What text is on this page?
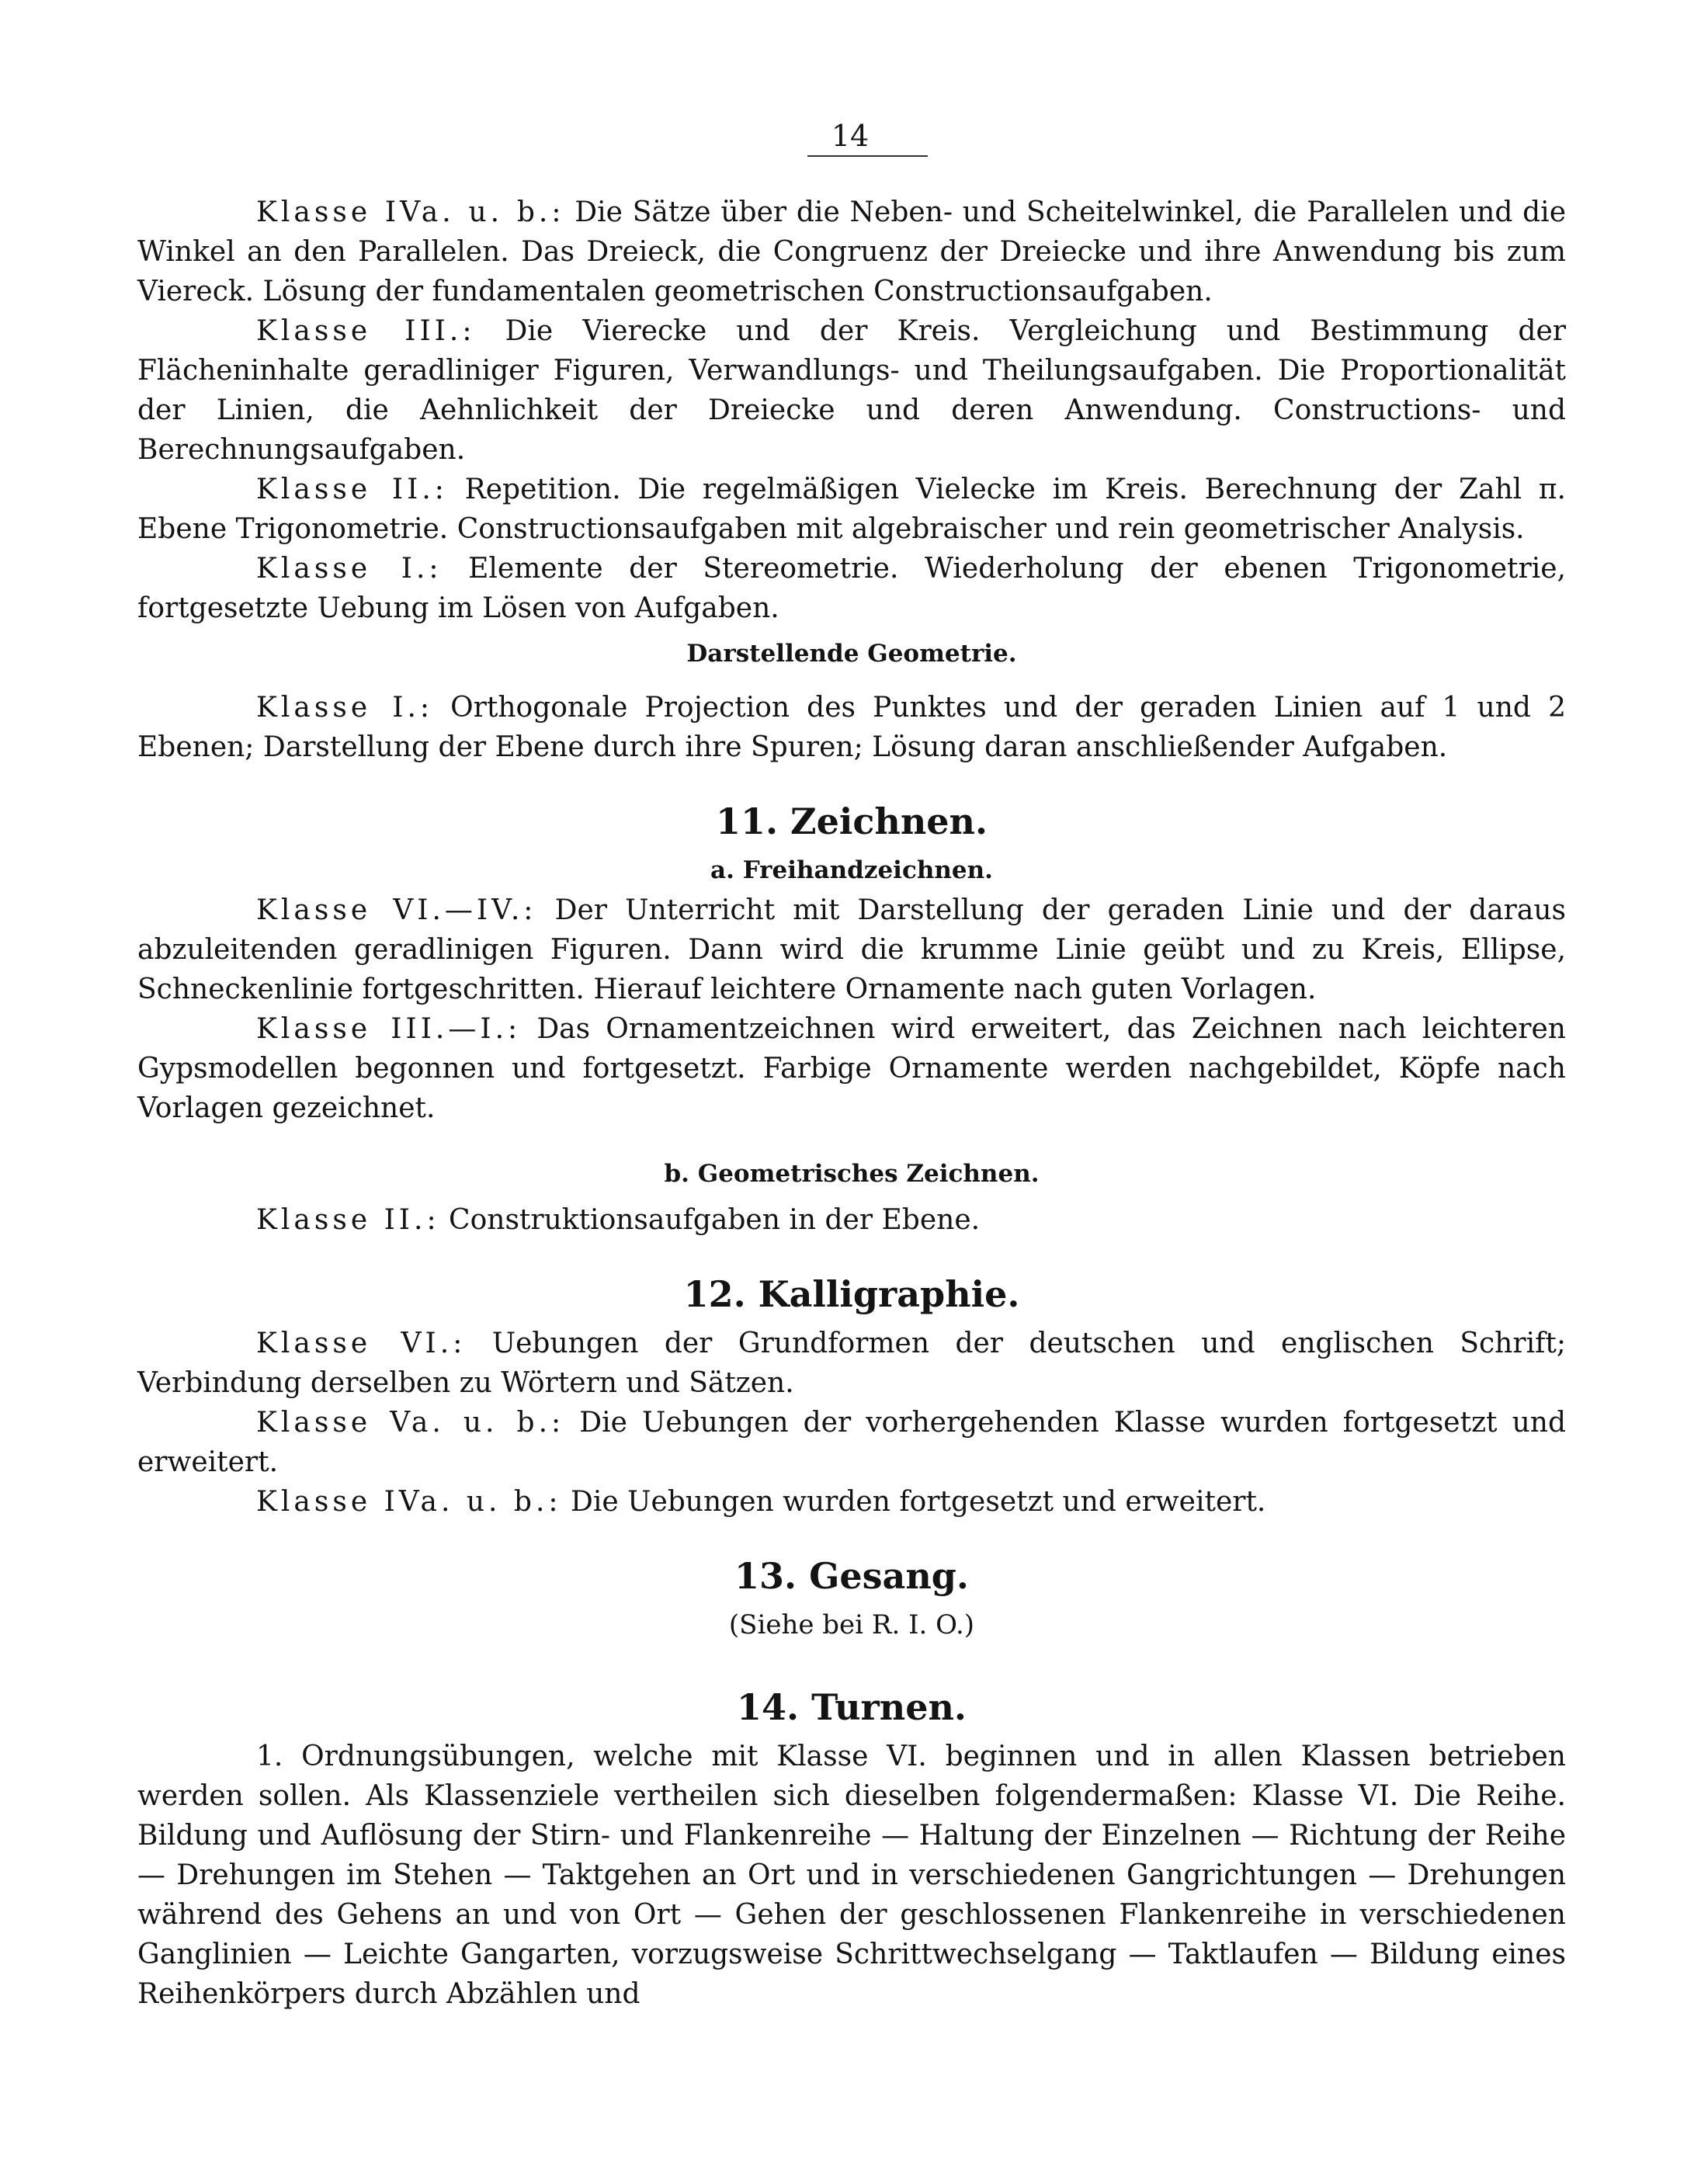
14

Klasse IVa. u. b.: Die Sätze über die Neben- und Scheitelwinkel, die Parallelen und die Winkel an den Parallelen. Das Dreieck, die Congruenz der Dreiecke und ihre Anwendung bis zum Viereck. Lösung der fundamentalen geometrischen Constructionsaufgaben.

Klasse III.: Die Vierecke und der Kreis. Vergleichung und Bestimmung der Flächeninhalte geradliniger Figuren, Verwandlungs- und Theilungsaufgaben. Die Proportionalität der Linien, die Aehnlichkeit der Dreiecke und deren Anwendung. Constructions- und Berechnungsaufgaben.

Klasse II.: Repetition. Die regelmäßigen Vielecke im Kreis. Berechnung der Zahl π. Ebene Trigonometrie. Constructionsaufgaben mit algebraischer und rein geometrischer Analysis.

Klasse I.: Elemente der Stereometrie. Wiederholung der ebenen Trigonometrie, fortgesetzte Uebung im Lösen von Aufgaben.

Darstellende Geometrie.

Klasse I.: Orthogonale Projection des Punktes und der geraden Linien auf 1 und 2 Ebenen; Darstellung der Ebene durch ihre Spuren; Lösung daran anschließender Aufgaben.

11. Zeichnen.
a. Freihandzeichnen.

Klasse VI.—IV.: Der Unterricht mit Darstellung der geraden Linie und der daraus abzuleitenden geradlinigen Figuren. Dann wird die krumme Linie geübt und zu Kreis, Ellipse, Schneckenlinie fortgeschritten. Hierauf leichtere Ornamente nach guten Vorlagen.

Klasse III.—I.: Das Ornamentzeichnen wird erweitert, das Zeichnen nach leichteren Gypsmodellen begonnen und fortgesetzt. Farbige Ornamente werden nachgebildet, Köpfe nach Vorlagen gezeichnet.

b. Geometrisches Zeichnen.

Klasse II.: Construktionsaufgaben in der Ebene.

12. Kalligraphie.

Klasse VI.: Uebungen der Grundformen der deutschen und englischen Schrift; Verbindung derselben zu Wörtern und Sätzen.

Klasse Va. u. b.: Die Uebungen der vorhergehenden Klasse wurden fortgesetzt und erweitert.

Klasse IVa. u. b.: Die Uebungen wurden fortgesetzt und erweitert.

13. Gesang.
(Siehe bei R. I. O.)
14. Turnen.

1. Ordnungsübungen, welche mit Klasse VI. beginnen und in allen Klassen betrieben werden sollen. Als Klassenziele vertheilen sich dieselben folgendermaßen: Klasse VI. Die Reihe. Bildung und Auflösung der Stirn- und Flankenreihe — Haltung der Einzelnen — Richtung der Reihe — Drehungen im Stehen — Taktgehen an Ort und in verschiedenen Gangrichtungen — Drehungen während des Gehens an und von Ort — Gehen der geschlossenen Flankenreihe in verschiedenen Ganglinien — Leichte Gangarten, vorzugsweise Schrittwechselgang — Taktlaufen — Bildung eines Reihenkörpers durch Abzählen und
